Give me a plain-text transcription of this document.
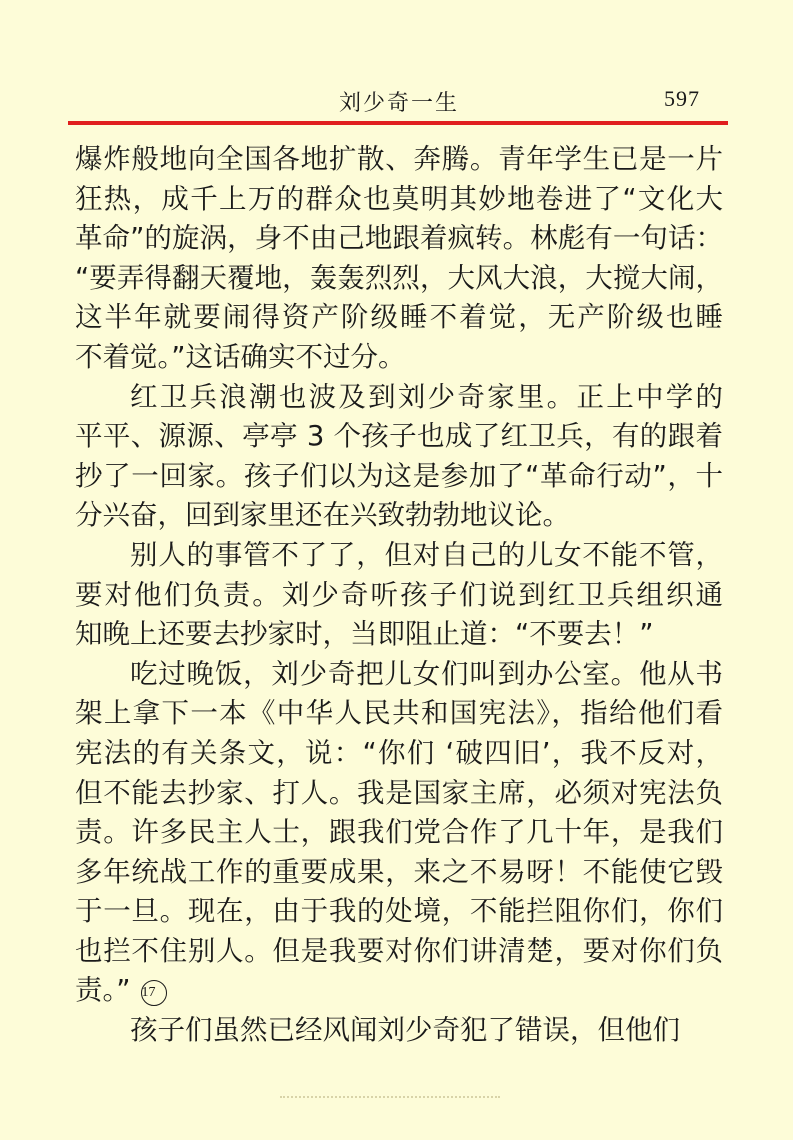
刘少奇一生	597
爆炸般地向全国各地扩散、奔腾。青年学生已是一片
狂热，成千上万的群众也莫明其妙地卷进了“文化大
革命”的旋涡，身不由己地跟着疯转。林彪有一句话：
“要弄得翻天覆地，轰轰烈烈，大风大浪，大搅大闹，
这半年就要闹得资产阶级睡不着觉，无产阶级也睡
不着觉。”这话确实不过分。
红卫兵浪潮也波及到刘少奇家里。正上中学的
平平、源源、亭亭 3 个孩子也成了红卫兵，有的跟着
抄了一回家。孩子们以为这是参加了“革命行动”，十
分兴奋，回到家里还在兴致勃勃地议论。
别人的事管不了了，但对自己的儿女不能不管，
要对他们负责。刘少奇听孩子们说到红卫兵组织通
知晚上还要去抄家时，当即阻止道：“不要去！”
吃过晚饭，刘少奇把儿女们叫到办公室。他从书
架上拿下一本《中华人民共和国宪法》，指给他们看
宪法的有关条文，说：“你们 ‘破四旧’，我不反对，
但不能去抄家、打人。我是国家主席，必须对宪法负
责。许多民主人士，跟我们党合作了几十年，是我们
多年统战工作的重要成果，来之不易呀！不能使它毁
于一旦。现在，由于我的处境，不能拦阻你们，你们
也拦不住别人。但是我要对你们讲清楚，要对你们负
责。” 17
孩子们虽然已经风闻刘少奇犯了错误，但他们
